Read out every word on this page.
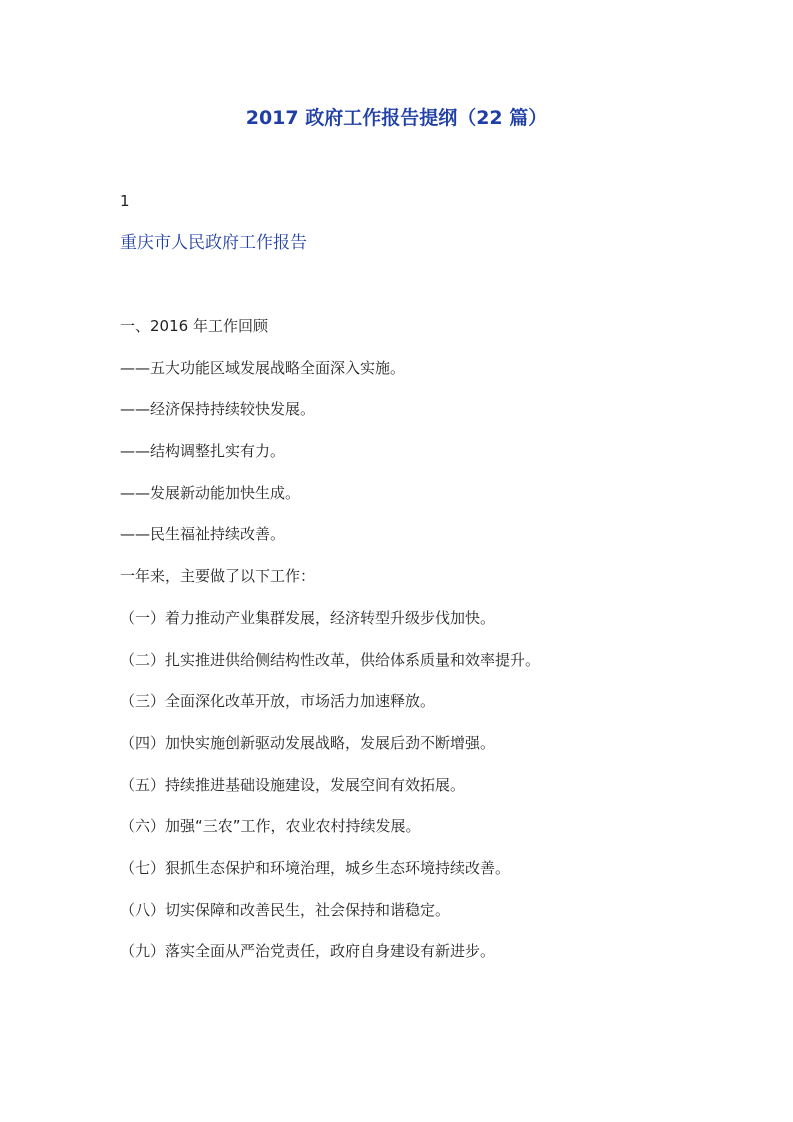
2017 政府工作报告提纲（22 篇）
1
重庆市人民政府工作报告
一、2016 年工作回顾
——五大功能区域发展战略全面深入实施。
——经济保持持续较快发展。
——结构调整扎实有力。
——发展新动能加快生成。
——民生福祉持续改善。
一年来，主要做了以下工作：
（一）着力推动产业集群发展，经济转型升级步伐加快。
（二）扎实推进供给侧结构性改革，供给体系质量和效率提升。
（三）全面深化改革开放，市场活力加速释放。
（四）加快实施创新驱动发展战略，发展后劲不断增强。
（五）持续推进基础设施建设，发展空间有效拓展。
（六）加强“三农”工作，农业农村持续发展。
（七）狠抓生态保护和环境治理，城乡生态环境持续改善。
（八）切实保障和改善民生，社会保持和谐稳定。
（九）落实全面从严治党责任，政府自身建设有新进步。
